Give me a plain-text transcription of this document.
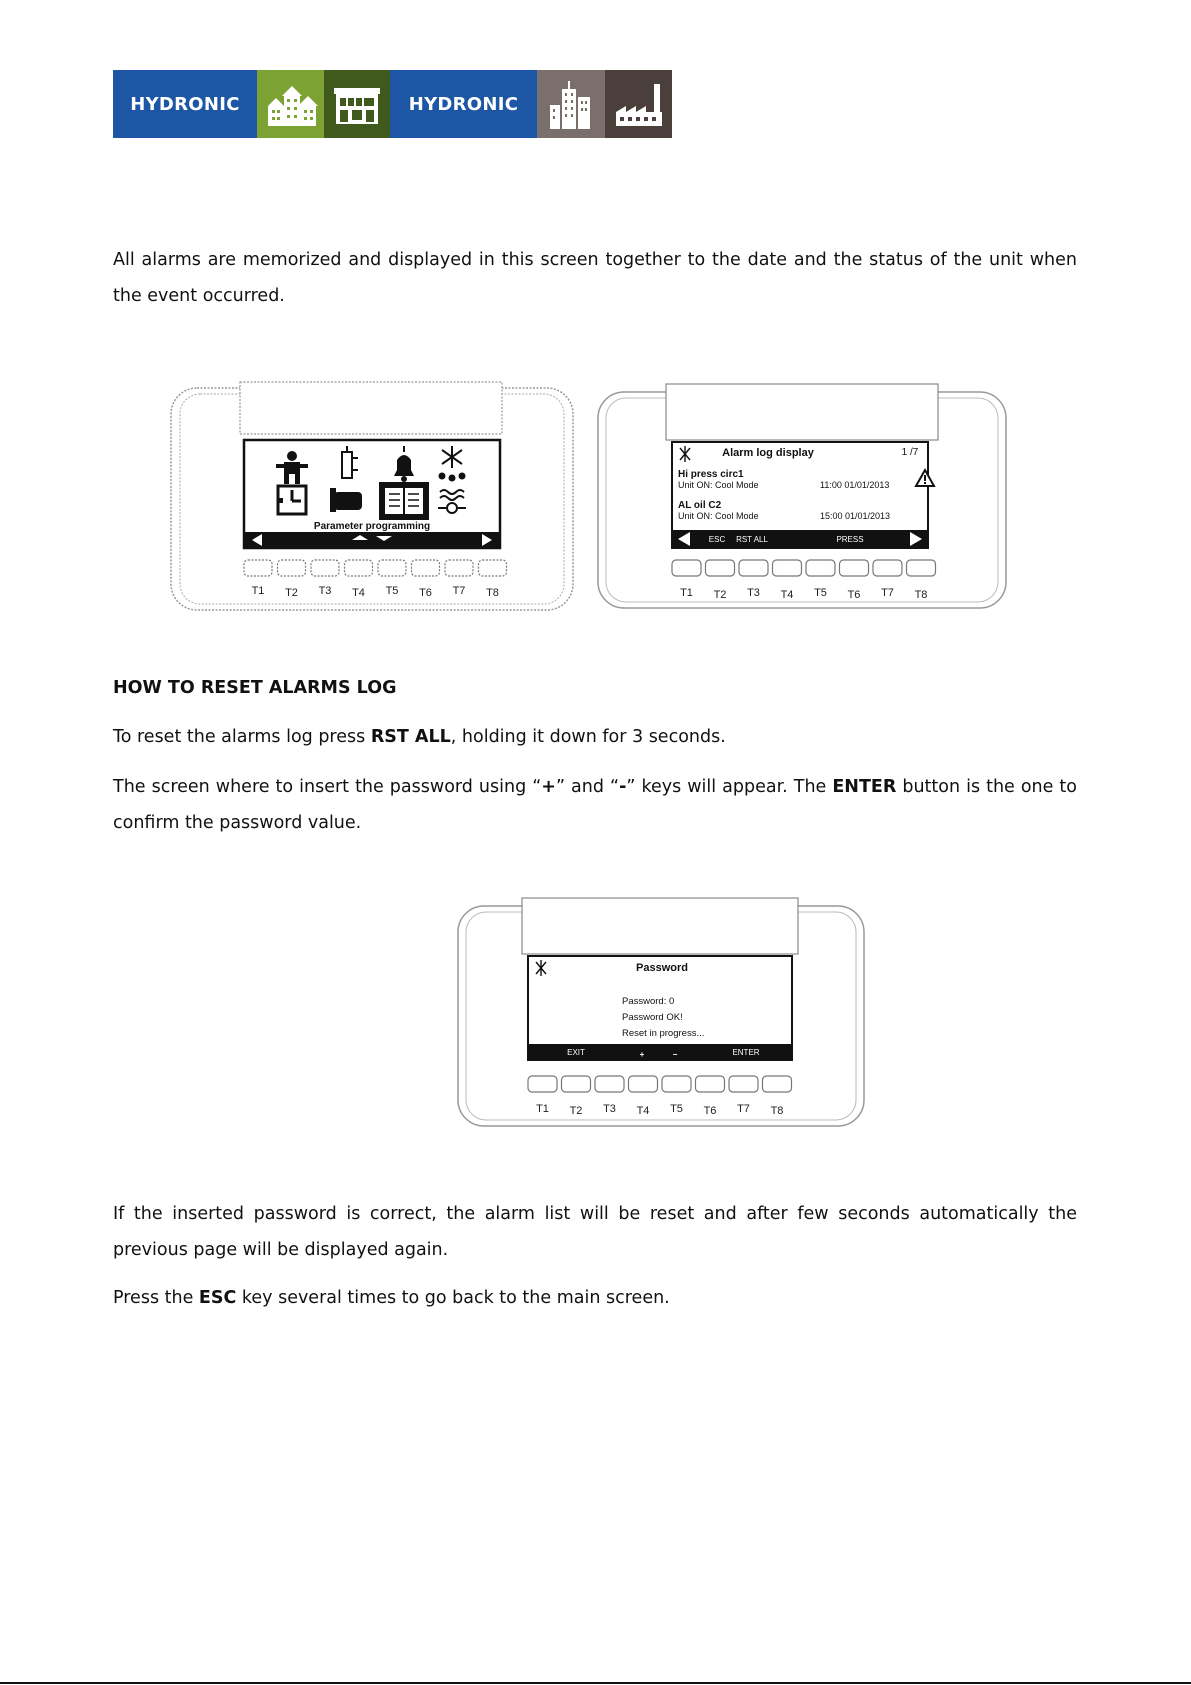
HYDRONIC	HYDRONIC

All alarms are memorized and displayed in this screen together to the date and the status of the unit when the event occurred.

Parameter programming
T1 T2 T3 T4 T5 T6 T7 T8
Alarm log display	1 /7
Hi press circ1
Unit ON: Cool Mode	11:00 01/01/2013
AL oil C2
Unit ON: Cool Mode	15:00 01/01/2013
ESC RST ALL	PRESS
T1 T2 T3 T4 T5 T6 T7 T8
HOW TO RESET ALARMS LOG

To reset the alarms log press RST ALL, holding it down for 3 seconds.

The screen where to insert the password using “+” and “-” keys will appear. The ENTER button is the one to confirm the password value.

Password
Password: 0
Password OK!
Reset in progress...
EXIT	+	−	ENTER
T1 T2 T3 T4 T5 T6 T7 T8

If the inserted password is correct, the alarm list will be reset and after few seconds automatically the previous page will be displayed again.

Press the ESC key several times to go back to the main screen.
